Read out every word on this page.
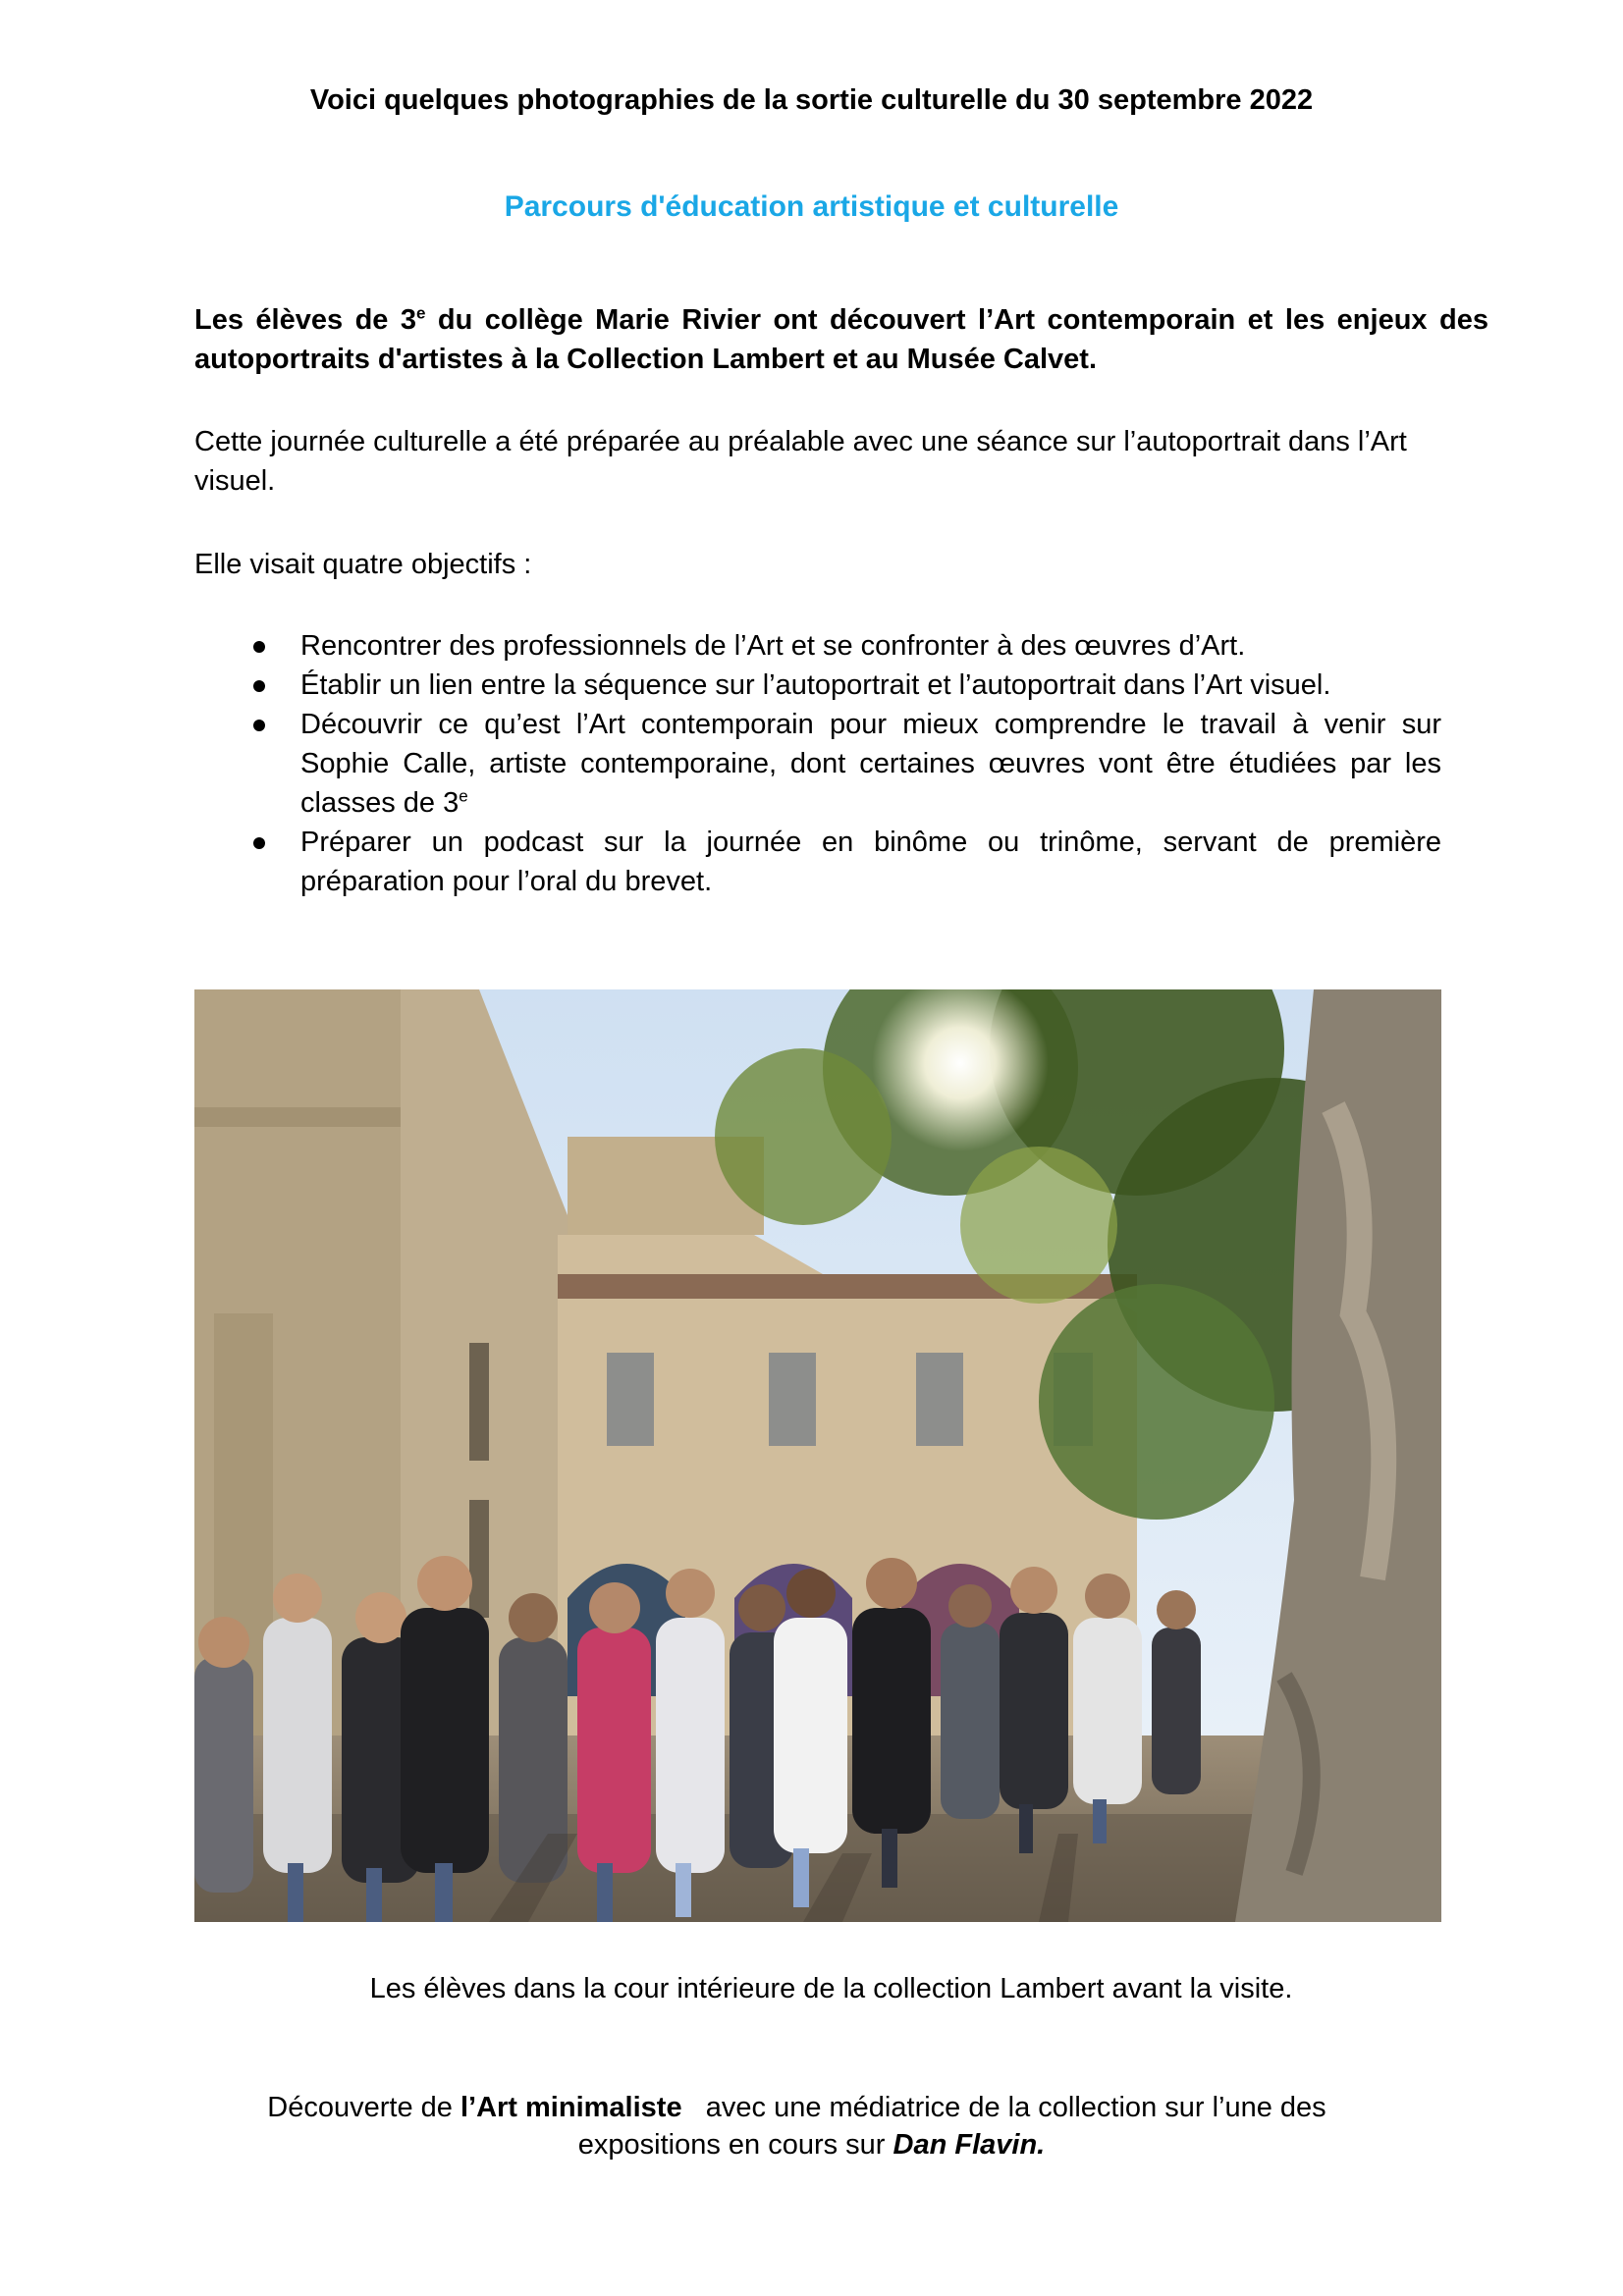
Voici quelques photographies de la sortie culturelle du 30 septembre 2022
Parcours d'éducation artistique et culturelle
Les élèves de 3e du collège Marie Rivier ont découvert l’Art contemporain et les enjeux des autoportraits d'artistes à la Collection Lambert et au Musée Calvet.
Cette journée culturelle a été préparée au préalable avec une séance sur l’autoportrait dans l’Art visuel.
Elle visait quatre objectifs :
Rencontrer des professionnels de l’Art et se confronter à des œuvres d’Art.
Établir un lien entre la séquence sur l’autoportrait et l’autoportrait dans l’Art visuel.
Découvrir ce qu’est l’Art contemporain pour mieux comprendre le travail à venir sur Sophie Calle, artiste contemporaine, dont certaines œuvres vont être étudiées par les classes de 3e
Préparer un podcast sur la journée en binôme ou trinôme, servant de première préparation pour l’oral du brevet.
Les élèves dans la cour intérieure de la collection Lambert avant la visite.
Découverte de l’Art minimaliste   avec une médiatrice de la collection sur l’une des
expositions en cours sur Dan Flavin.
